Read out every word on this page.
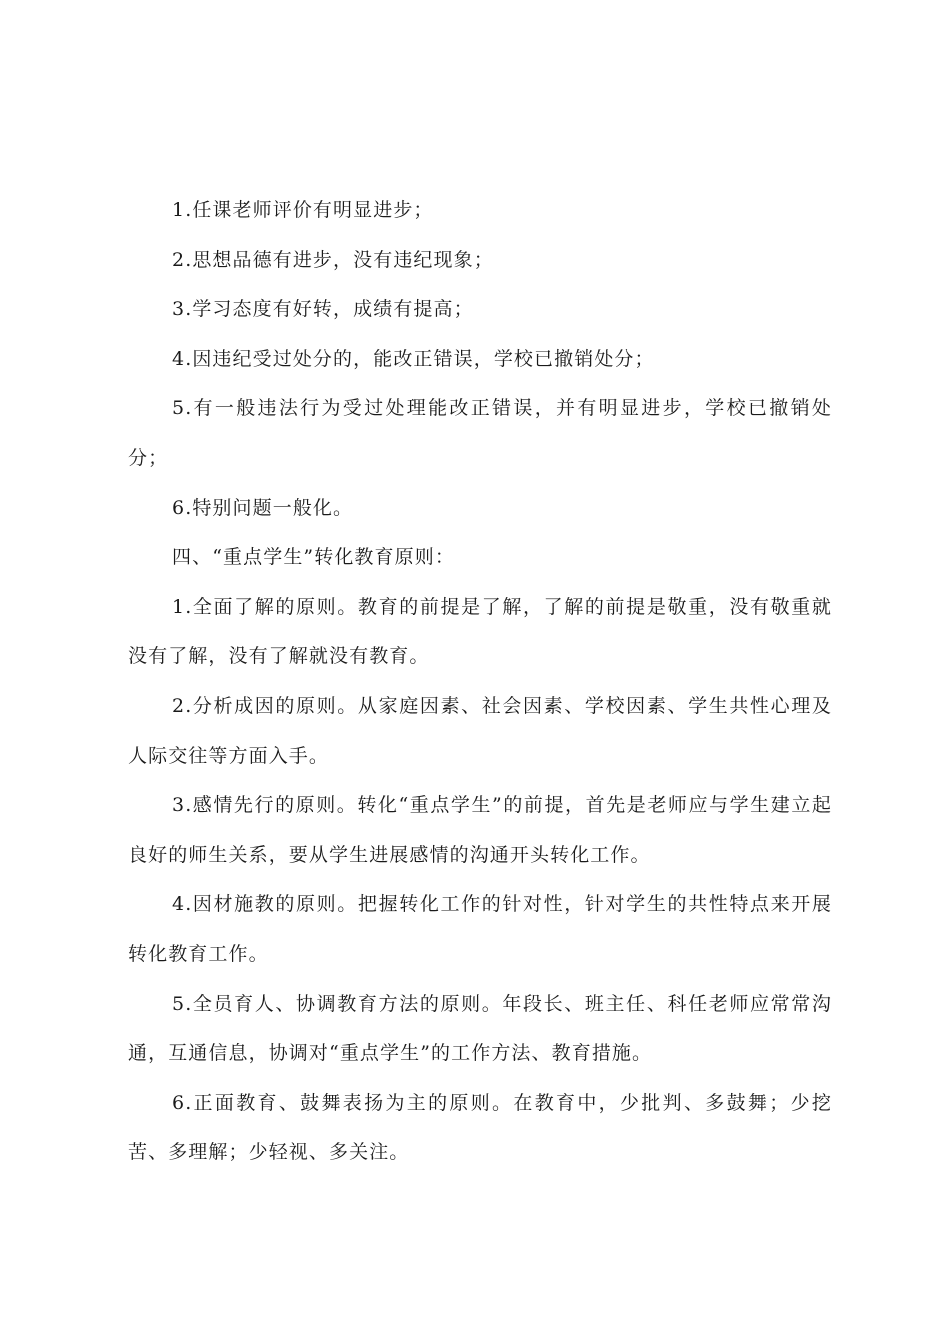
1.任课老师评价有明显进步；

2.思想品德有进步，没有违纪现象；

3.学习态度有好转，成绩有提高；

4.因违纪受过处分的，能改正错误，学校已撤销处分；

5.有一般违法行为受过处理能改正错误，并有明显进步，学校已撤销处分；

6.特别问题一般化。

四、“重点学生”转化教育原则：

1.全面了解的原则。教育的前提是了解，了解的前提是敬重，没有敬重就没有了解，没有了解就没有教育。

2.分析成因的原则。从家庭因素、社会因素、学校因素、学生共性心理及人际交往等方面入手。

3.感情先行的原则。转化“重点学生”的前提，首先是老师应与学生建立起良好的师生关系，要从学生进展感情的沟通开头转化工作。

4.因材施教的原则。把握转化工作的针对性，针对学生的共性特点来开展转化教育工作。

5.全员育人、协调教育方法的原则。年段长、班主任、科任老师应常常沟通，互通信息，协调对“重点学生”的工作方法、教育措施。

6.正面教育、鼓舞表扬为主的原则。在教育中，少批判、多鼓舞；少挖苦、多理解；少轻视、多关注。
